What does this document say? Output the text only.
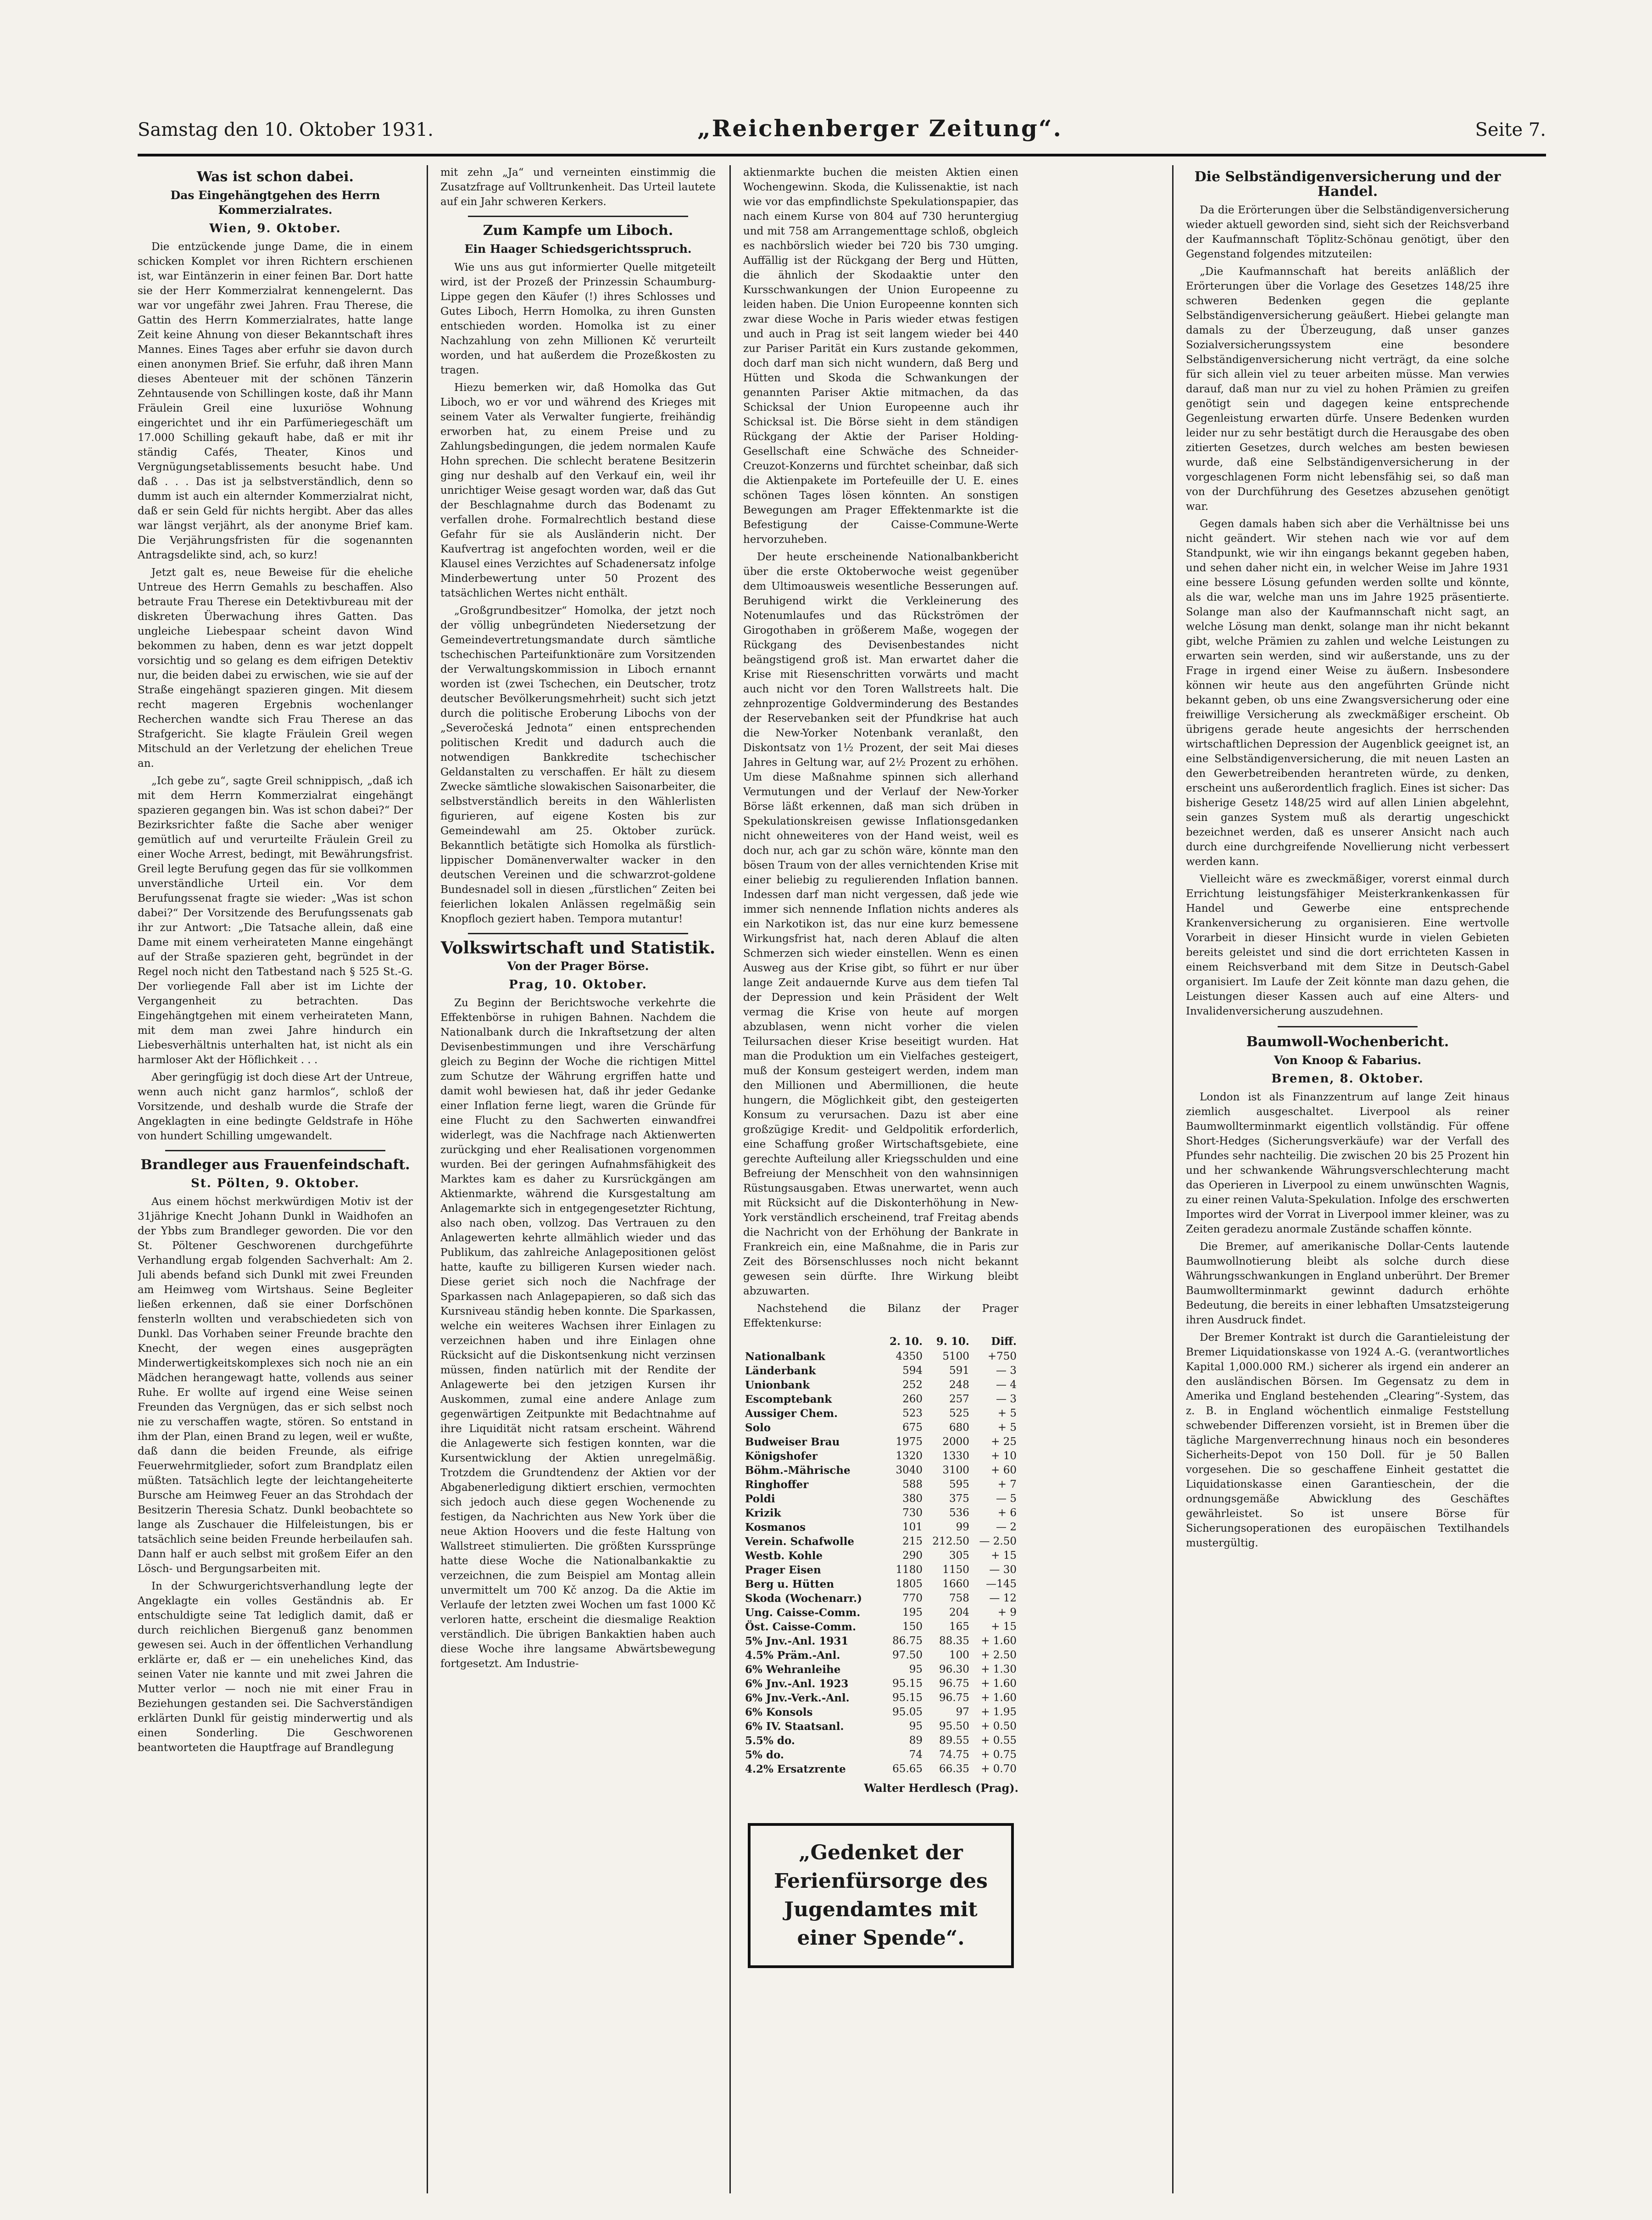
Samstag den 10. Oktober 1931.	„Reichenberger Zeitung“.	Seite 7.
Was ist schon dabei.
Das Eingehängtgehen des Herrn Kommerzialrates.
Wien, 9. Oktober.

Die entzückende junge Dame, die in einem schicken Komplet vor ihren Richtern erschienen ist, war Eintänzerin in einer feinen Bar. Dort hatte sie der Herr Kommerzialrat kennengelernt. Das war vor ungefähr zwei Jahren. Frau Therese, die Gattin des Herrn Kommerzialrates, hatte lange Zeit keine Ahnung von dieser Bekanntschaft ihres Mannes. Eines Tages aber erfuhr sie davon durch einen anonymen Brief. Sie erfuhr, daß ihren Mann dieses Abenteuer mit der schönen Tänzerin Zehntausende von Schillingen koste, daß ihr Mann Fräulein Greil eine luxuriöse Wohnung eingerichtet und ihr ein Parfümeriegeschäft um 17.000 Schilling gekauft habe, daß er mit ihr ständig Cafés, Theater, Kinos und Vergnügungsetablissements besucht habe. Und daß . . . Das ist ja selbstverständlich, denn so dumm ist auch ein alternder Kommerzialrat nicht, daß er sein Geld für nichts hergibt. Aber das alles war längst verjährt, als der anonyme Brief kam. Die Verjährungsfristen für die sogenannten Antragsdelikte sind, ach, so kurz!

Jetzt galt es, neue Beweise für die eheliche Untreue des Herrn Gemahls zu beschaffen. Also betraute Frau Therese ein Detektivbureau mit der diskreten Überwachung ihres Gatten. Das ungleiche Liebespaar scheint davon Wind bekommen zu haben, denn es war jetzt doppelt vorsichtig und so gelang es dem eifrigen Detektiv nur, die beiden dabei zu erwischen, wie sie auf der Straße eingehängt spazieren gingen. Mit diesem recht mageren Ergebnis wochenlanger Recherchen wandte sich Frau Therese an das Strafgericht. Sie klagte Fräulein Greil wegen Mitschuld an der Verletzung der ehelichen Treue an.

„Ich gebe zu“, sagte Greil schnippisch, „daß ich mit dem Herrn Kommerzialrat eingehängt spazieren gegangen bin. Was ist schon dabei?“ Der Bezirksrichter faßte die Sache aber weniger gemütlich auf und verurteilte Fräulein Greil zu einer Woche Arrest, bedingt, mit Bewährungsfrist. Greil legte Berufung gegen das für sie vollkommen unverständliche Urteil ein. Vor dem Berufungssenat fragte sie wieder: „Was ist schon dabei?“ Der Vorsitzende des Berufungssenats gab ihr zur Antwort: „Die Tatsache allein, daß eine Dame mit einem verheirateten Manne eingehängt auf der Straße spazieren geht, begründet in der Regel noch nicht den Tatbestand nach § 525 St.-G. Der vorliegende Fall aber ist im Lichte der Vergangenheit zu betrachten. Das Eingehängtgehen mit einem verheirateten Mann, mit dem man zwei Jahre hindurch ein Liebesverhältnis unterhalten hat, ist nicht als ein harmloser Akt der Höflichkeit . . .

Aber geringfügig ist doch diese Art der Untreue, wenn auch nicht ganz harmlos“, schloß der Vorsitzende, und deshalb wurde die Strafe der Angeklagten in eine bedingte Geldstrafe in Höhe von hundert Schilling umgewandelt.

Brandleger aus Frauenfeindschaft.
St. Pölten, 9. Oktober.

Aus einem höchst merkwürdigen Motiv ist der 31jährige Knecht Johann Dunkl in Waidhofen an der Ybbs zum Brandleger geworden. Die vor den St. Pöltener Geschworenen durchgeführte Verhandlung ergab folgenden Sachverhalt: Am 2. Juli abends befand sich Dunkl mit zwei Freunden am Heimweg vom Wirtshaus. Seine Begleiter ließen erkennen, daß sie einer Dorfschönen fensterln wollten und verabschiedeten sich von Dunkl. Das Vorhaben seiner Freunde brachte den Knecht, der wegen eines ausgeprägten Minderwertigkeitskomplexes sich noch nie an ein Mädchen herangewagt hatte, vollends aus seiner Ruhe. Er wollte auf irgend eine Weise seinen Freunden das Vergnügen, das er sich selbst noch nie zu verschaffen wagte, stören. So entstand in ihm der Plan, einen Brand zu legen, weil er wußte, daß dann die beiden Freunde, als eifrige Feuerwehrmitglieder, sofort zum Brandplatz eilen müßten. Tatsächlich legte der leichtangeheiterte Bursche am Heimweg Feuer an das Strohdach der Besitzerin Theresia Schatz. Dunkl beobachtete so lange als Zuschauer die Hilfeleistungen, bis er tatsächlich seine beiden Freunde herbeilaufen sah. Dann half er auch selbst mit großem Eifer an den Lösch- und Bergungsarbeiten mit.

In der Schwurgerichtsverhandlung legte der Angeklagte ein volles Geständnis ab. Er entschuldigte seine Tat lediglich damit, daß er durch reichlichen Biergenuß ganz benommen gewesen sei. Auch in der öffentlichen Verhandlung erklärte er, daß er — ein uneheliches Kind, das seinen Vater nie kannte und mit zwei Jahren die Mutter verlor — noch nie mit einer Frau in Beziehungen gestanden sei. Die Sachverständigen erklärten Dunkl für geistig minderwertig und als einen Sonderling. Die Geschworenen beantworteten die Hauptfrage auf Brandlegung

mit zehn „Ja“ und verneinten einstimmig die Zusatzfrage auf Volltrunkenheit. Das Urteil lautete auf ein Jahr schweren Kerkers.

Zum Kampfe um Liboch.
Ein Haager Schiedsgerichtsspruch.

Wie uns aus gut informierter Quelle mitgeteilt wird, ist der Prozeß der Prinzessin Schaumburg-Lippe gegen den Käufer (!) ihres Schlosses und Gutes Liboch, Herrn Homolka, zu ihren Gunsten entschieden worden. Homolka ist zu einer Nachzahlung von zehn Millionen Kč verurteilt worden, und hat außerdem die Prozeßkosten zu tragen.

Hiezu bemerken wir, daß Homolka das Gut Liboch, wo er vor und während des Krieges mit seinem Vater als Verwalter fungierte, freihändig erworben hat, zu einem Preise und zu Zahlungsbedingungen, die jedem normalen Kaufe Hohn sprechen. Die schlecht beratene Besitzerin ging nur deshalb auf den Verkauf ein, weil ihr unrichtiger Weise gesagt worden war, daß das Gut der Beschlagnahme durch das Bodenamt zu verfallen drohe. Formalrechtlich bestand diese Gefahr für sie als Ausländerin nicht. Der Kaufvertrag ist angefochten worden, weil er die Klausel eines Verzichtes auf Schadenersatz infolge Minderbewertung unter 50 Prozent des tatsächlichen Wertes nicht enthält.

„Großgrundbesitzer“ Homolka, der jetzt noch der völlig unbegründeten Niedersetzung der Gemeindevertretungsmandate durch sämtliche tschechischen Parteifunktionäre zum Vorsitzenden der Verwaltungskommission in Liboch ernannt worden ist (zwei Tschechen, ein Deutscher, trotz deutscher Bevölkerungsmehrheit) sucht sich jetzt durch die politische Eroberung Libochs von der „Severočeská Jednota“ einen entsprechenden politischen Kredit und dadurch auch die notwendigen Bankkredite tschechischer Geldanstalten zu verschaffen. Er hält zu diesem Zwecke sämtliche slowakischen Saisonarbeiter, die selbstverständlich bereits in den Wählerlisten figurieren, auf eigene Kosten bis zur Gemeindewahl am 25. Oktober zurück. Bekanntlich betätigte sich Homolka als fürstlich-lippischer Domänenverwalter wacker in den deutschen Vereinen und die schwarzrot-goldene Bundesnadel soll in diesen „fürstlichen“ Zeiten bei feierlichen lokalen Anlässen regelmäßig sein Knopfloch geziert haben. Tempora mutantur!

Volkswirtschaft und Statistik.
Von der Prager Börse.
Prag, 10. Oktober.

Zu Beginn der Berichtswoche verkehrte die Effektenbörse in ruhigen Bahnen. Nachdem die Nationalbank durch die Inkraftsetzung der alten Devisenbestimmungen und ihre Verschärfung gleich zu Beginn der Woche die richtigen Mittel zum Schutze der Währung ergriffen hatte und damit wohl bewiesen hat, daß ihr jeder Gedanke einer Inflation ferne liegt, waren die Gründe für eine Flucht zu den Sachwerten einwandfrei widerlegt, was die Nachfrage nach Aktienwerten zurückging und eher Realisationen vorgenommen wurden. Bei der geringen Aufnahmsfähigkeit des Marktes kam es daher zu Kursrückgängen am Aktienmarkte, während die Kursgestaltung am Anlagemarkte sich in entgegengesetzter Richtung, also nach oben, vollzog. Das Vertrauen zu den Anlagewerten kehrte allmählich wieder und das Publikum, das zahlreiche Anlagepositionen gelöst hatte, kaufte zu billigeren Kursen wieder nach. Diese geriet sich noch die Nachfrage der Sparkassen nach Anlagepapieren, so daß sich das Kursniveau ständig heben konnte. Die Sparkassen, welche ein weiteres Wachsen ihrer Einlagen zu verzeichnen haben und ihre Einlagen ohne Rücksicht auf die Diskontsenkung nicht verzinsen müssen, finden natürlich mit der Rendite der Anlagewerte bei den jetzigen Kursen ihr Auskommen, zumal eine andere Anlage zum gegenwärtigen Zeitpunkte mit Bedachtnahme auf ihre Liquidität nicht ratsam erscheint. Während die Anlagewerte sich festigen konnten, war die Kursentwicklung der Aktien unregelmäßig. Trotzdem die Grundtendenz der Aktien vor der Abgabenerledigung diktiert erschien, vermochten sich jedoch auch diese gegen Wochenende zu festigen, da Nachrichten aus New York über die neue Aktion Hoovers und die feste Haltung von Wallstreet stimulierten. Die größten Kurssprünge hatte diese Woche die Nationalbankaktie zu verzeichnen, die zum Beispiel am Montag allein unvermittelt um 700 Kč anzog. Da die Aktie im Verlaufe der letzten zwei Wochen um fast 1000 Kč verloren hatte, erscheint die diesmalige Reaktion verständlich. Die übrigen Bankaktien haben auch diese Woche ihre langsame Abwärtsbewegung fortgesetzt. Am Industrie-

aktienmarkte buchen die meisten Aktien einen Wochengewinn. Skoda, die Kulissenaktie, ist nach wie vor das empfindlichste Spekulationspapier, das nach einem Kurse von 804 auf 730 heruntergiug und mit 758 am Arrangementtage schloß, obgleich es nachbörslich wieder bei 720 bis 730 umging. Auffällig ist der Rückgang der Berg und Hütten, die ähnlich der Skodaaktie unter den Kursschwankungen der Union Europeenne zu leiden haben. Die Union Europeenne konnten sich zwar diese Woche in Paris wieder etwas festigen und auch in Prag ist seit langem wieder bei 440 zur Pariser Parität ein Kurs zustande gekommen, doch darf man sich nicht wundern, daß Berg und Hütten und Skoda die Schwankungen der genannten Pariser Aktie mitmachen, da das Schicksal der Union Europeenne auch ihr Schicksal ist. Die Börse sieht in dem ständigen Rückgang der Aktie der Pariser Holding-Gesellschaft eine Schwäche des Schneider-Creuzot-Konzerns und fürchtet scheinbar, daß sich die Aktienpakete im Portefeuille der U. E. eines schönen Tages lösen könnten. An sonstigen Bewegungen am Prager Effektenmarkte ist die Befestigung der Caisse-Commune-Werte hervorzuheben.

Der heute erscheinende Nationalbankbericht über die erste Oktoberwoche weist gegenüber dem Ultimoausweis wesentliche Besserungen auf. Beruhigend wirkt die Verkleinerung des Notenumlaufes und das Rückströmen der Girogothaben in größerem Maße, wogegen der Rückgang des Devisenbestandes nicht beängstigend groß ist. Man erwartet daher die Krise mit Riesenschritten vorwärts und macht auch nicht vor den Toren Wallstreets halt. Die zehnprozentige Goldverminderung des Bestandes der Reservebanken seit der Pfundkrise hat auch die New-Yorker Notenbank veranlaßt, den Diskontsatz von 1½ Prozent, der seit Mai dieses Jahres in Geltung war, auf 2½ Prozent zu erhöhen. Um diese Maßnahme spinnen sich allerhand Vermutungen und der Verlauf der New-Yorker Börse läßt erkennen, daß man sich drüben in Spekulationskreisen gewisse Inflationsgedanken nicht ohneweiteres von der Hand weist, weil es doch nur, ach gar zu schön wäre, könnte man den bösen Traum von der alles vernichtenden Krise mit einer beliebig zu regulierenden Inflation bannen. Indessen darf man nicht vergessen, daß jede wie immer sich nennende Inflation nichts anderes als ein Narkotikon ist, das nur eine kurz bemessene Wirkungsfrist hat, nach deren Ablauf die alten Schmerzen sich wieder einstellen. Wenn es einen Ausweg aus der Krise gibt, so führt er nur über lange Zeit andauernde Kurve aus dem tiefen Tal der Depression und kein Präsident der Welt vermag die Krise von heute auf morgen abzublasen, wenn nicht vorher die vielen Teilursachen dieser Krise beseitigt wurden. Hat man die Produktion um ein Vielfaches gesteigert, muß der Konsum gesteigert werden, indem man den Millionen und Abermillionen, die heute hungern, die Möglichkeit gibt, den gesteigerten Konsum zu verursachen. Dazu ist aber eine großzügige Kredit- und Geldpolitik erforderlich, eine Schaffung großer Wirtschaftsgebiete, eine gerechte Aufteilung aller Kriegsschulden und eine Befreiung der Menschheit von den wahnsinnigen Rüstungsausgaben. Etwas unerwartet, wenn auch mit Rücksicht auf die Diskonterhöhung in New-York verständlich erscheinend, traf Freitag abends die Nachricht von der Erhöhung der Bankrate in Frankreich ein, eine Maßnahme, die in Paris zur Zeit des Börsenschlusses noch nicht bekannt gewesen sein dürfte. Ihre Wirkung bleibt abzuwarten.

Nachstehend die Bilanz der Prager Effektenkurse:

	2. 10.	9. 10.	Diff.
Nationalbank	4350	5100	+750
Länderbank	594	591	— 3
Unionbank	252	248	— 4
Escomptebank	260	257	— 3
Aussiger Chem.	523	525	+ 5
Solo	675	680	+ 5
Budweiser Brau	1975	2000	+ 25
Königshofer	1320	1330	+ 10
Böhm.-Mährische	3040	3100	+ 60
Ringhoffer	588	595	+ 7
Poldi	380	375	— 5
Krizik	730	536	+ 6
Kosmanos	101	99	— 2
Verein. Schafwolle	215	212.50	— 2.50
Westb. Kohle	290	305	+ 15
Prager Eisen	1180	1150	— 30
Berg u. Hütten	1805	1660	—145
Skoda (Wochenarr.)	770	758	— 12
Ung. Caisse-Comm.	195	204	+ 9
Öst. Caisse-Comm.	150	165	+ 15
5% Jnv.-Anl. 1931	86.75	88.35	+ 1.60
4.5% Präm.-Anl.	97.50	100	+ 2.50
6% Wehranleihe	95	96.30	+ 1.30
6% Jnv.-Anl. 1923	95.15	96.75	+ 1.60
6% Jnv.-Verk.-Anl.	95.15	96.75	+ 1.60
6% Konsols	95.05	97	+ 1.95
6% IV. Staatsanl.	95	95.50	+ 0.50
5.5% do.	89	89.55	+ 0.55
5% do.	74	74.75	+ 0.75
4.2% Ersatzrente	65.65	66.35	+ 0.70
Walter Herdlesch (Prag).
„Gedenket der Ferienfürsorge des Jugendamtes mit einer Spende“.
Die Selbständigenversicherung und der Handel.

Da die Erörterungen über die Selbständigenversicherung wieder aktuell geworden sind, sieht sich der Reichsverband der Kaufmannschaft Töplitz-Schönau genötigt, über den Gegenstand folgendes mitzuteilen:

„Die Kaufmannschaft hat bereits anläßlich der Erörterungen über die Vorlage des Gesetzes 148/25 ihre schweren Bedenken gegen die geplante Selbständigenversicherung geäußert. Hiebei gelangte man damals zu der Überzeugung, daß unser ganzes Sozialversicherungssystem eine besondere Selbständigenversicherung nicht verträgt, da eine solche für sich allein viel zu teuer arbeiten müsse. Man verwies darauf, daß man nur zu viel zu hohen Prämien zu greifen genötigt sein und dagegen keine entsprechende Gegenleistung erwarten dürfe. Unsere Bedenken wurden leider nur zu sehr bestätigt durch die Herausgabe des oben zitierten Gesetzes, durch welches am besten bewiesen wurde, daß eine Selbständigenversicherung in der vorgeschlagenen Form nicht lebensfähig sei, so daß man von der Durchführung des Gesetzes abzusehen genötigt war.

Gegen damals haben sich aber die Verhältnisse bei uns nicht geändert. Wir stehen nach wie vor auf dem Standpunkt, wie wir ihn eingangs bekannt gegeben haben, und sehen daher nicht ein, in welcher Weise im Jahre 1931 eine bessere Lösung gefunden werden sollte und könnte, als die war, welche man uns im Jahre 1925 präsentierte. Solange man also der Kaufmannschaft nicht sagt, an welche Lösung man denkt, solange man ihr nicht bekannt gibt, welche Prämien zu zahlen und welche Leistungen zu erwarten sein werden, sind wir außerstande, uns zu der Frage in irgend einer Weise zu äußern. Insbesondere können wir heute aus den angeführten Gründe nicht bekannt geben, ob uns eine Zwangsversicherung oder eine freiwillige Versicherung als zweckmäßiger erscheint. Ob übrigens gerade heute angesichts der herrschenden wirtschaftlichen Depression der Augenblick geeignet ist, an eine Selbständigenversicherung, die mit neuen Lasten an den Gewerbetreibenden herantreten würde, zu denken, erscheint uns außerordentlich fraglich. Eines ist sicher: Das bisherige Gesetz 148/25 wird auf allen Linien abgelehnt, sein ganzes System muß als derartig ungeschickt bezeichnet werden, daß es unserer Ansicht nach auch durch eine durchgreifende Novellierung nicht verbessert werden kann.

Vielleicht wäre es zweckmäßiger, vorerst einmal durch Errichtung leistungsfähiger Meisterkrankenkassen für Handel und Gewerbe eine entsprechende Krankenversicherung zu organisieren. Eine wertvolle Vorarbeit in dieser Hinsicht wurde in vielen Gebieten bereits geleistet und sind die dort errichteten Kassen in einem Reichsverband mit dem Sitze in Deutsch-Gabel organisiert. Im Laufe der Zeit könnte man dazu gehen, die Leistungen dieser Kassen auch auf eine Alters- und Invalidenversicherung auszudehnen.

Baumwoll-Wochenbericht.
Von Knoop & Fabarius.
Bremen, 8. Oktober.

London ist als Finanzzentrum auf lange Zeit hinaus ziemlich ausgeschaltet. Liverpool als reiner Baumwollterminmarkt eigentlich vollständig. Für offene Short-Hedges (Sicherungsverkäufe) war der Verfall des Pfundes sehr nachteilig. Die zwischen 20 bis 25 Prozent hin und her schwankende Währungsverschlechterung macht das Operieren in Liverpool zu einem unwünschten Wagnis, zu einer reinen Valuta-Spekulation. Infolge des erschwerten Importes wird der Vorrat in Liverpool immer kleiner, was zu Zeiten geradezu anormale Zustände schaffen könnte.

Die Bremer, auf amerikanische Dollar-Cents lautende Baumwollnotierung bleibt als solche durch diese Währungsschwankungen in England unberührt. Der Bremer Baumwollterminmarkt gewinnt dadurch erhöhte Bedeutung, die bereits in einer lebhaften Umsatzsteigerung ihren Ausdruck findet.

Der Bremer Kontrakt ist durch die Garantieleistung der Bremer Liquidationskasse von 1924 A.-G. (verantwortliches Kapital 1,000.000 RM.) sicherer als irgend ein anderer an den ausländischen Börsen. Im Gegensatz zu dem in Amerika und England bestehenden „Clearing“-System, das z. B. in England wöchentlich einmalige Feststellung schwebender Differenzen vorsieht, ist in Bremen über die tägliche Margenverrechnung hinaus noch ein besonderes Sicherheits-Depot von 150 Doll. für je 50 Ballen vorgesehen. Die so geschaffene Einheit gestattet die Liquidationskasse einen Garantieschein, der die ordnungsgemäße Abwicklung des Geschäftes gewährleistet. So ist unsere Börse für Sicherungsoperationen des europäischen Textilhandels mustergültig.
